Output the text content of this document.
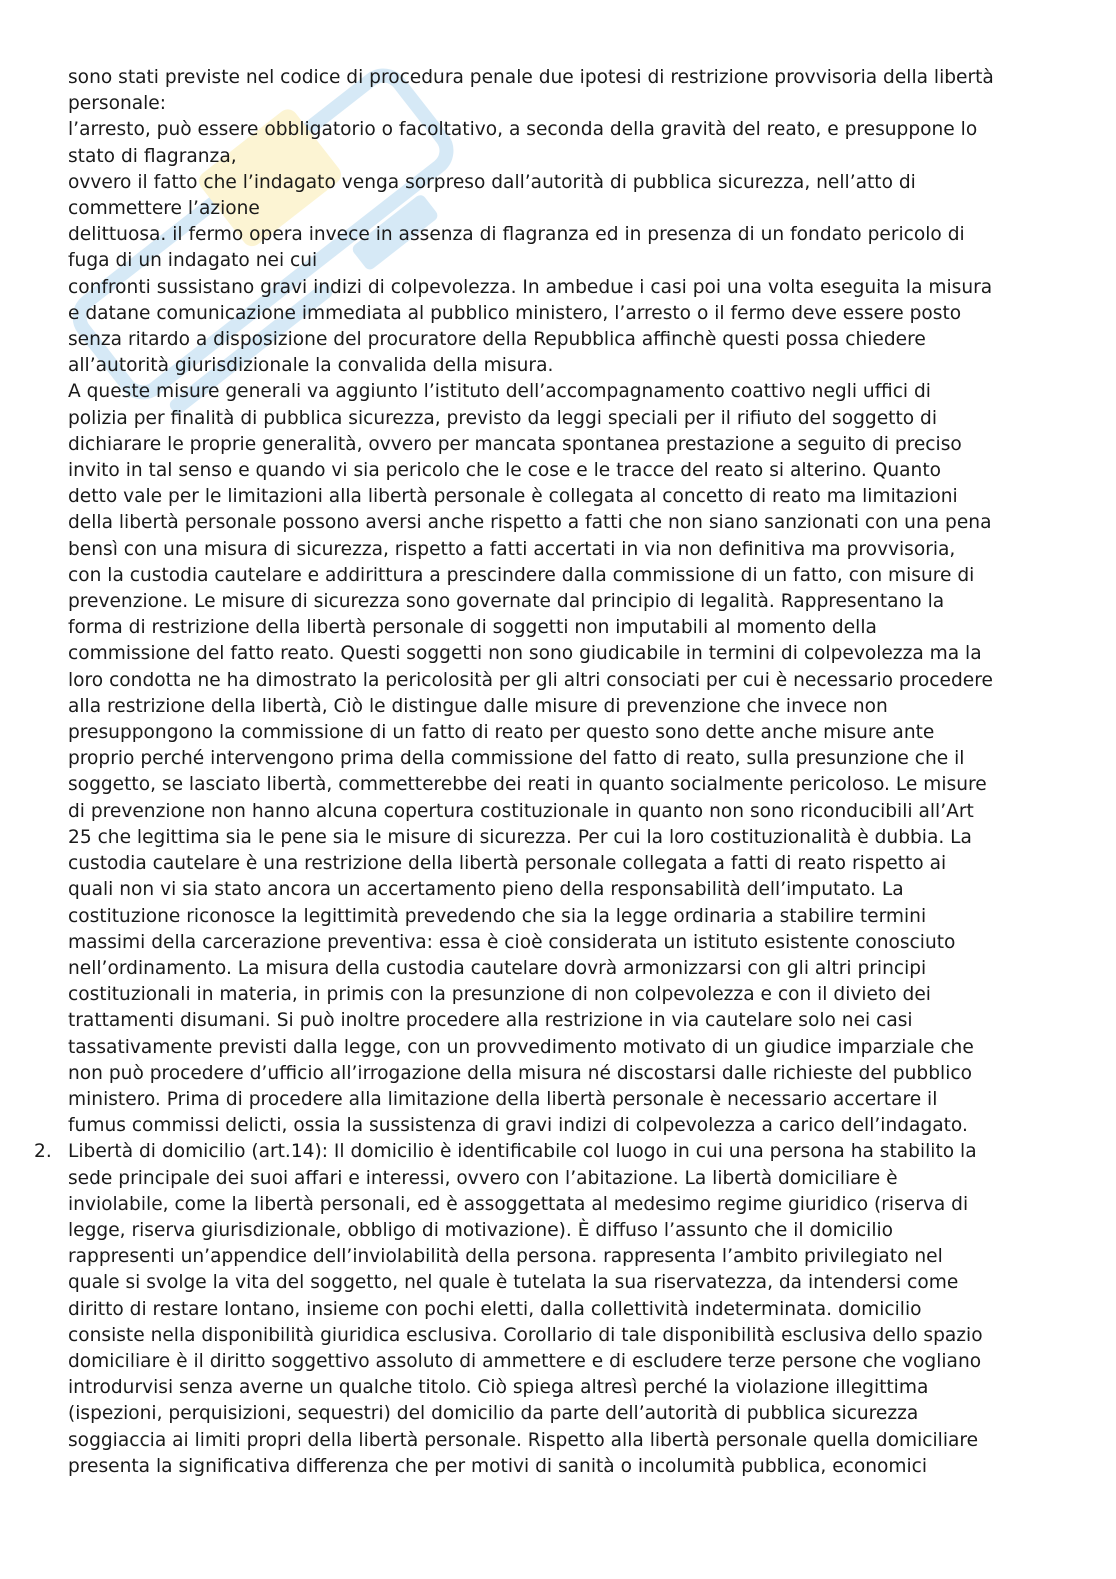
sono stati previste nel codice di procedura penale due ipotesi di restrizione provvisoria della libertà
personale:
l’arresto, può essere obbligatorio o facoltativo, a seconda della gravità del reato, e presuppone lo
stato di flagranza,
ovvero il fatto che l’indagato venga sorpreso dall’autorità di pubblica sicurezza, nell’atto di
commettere l’azione
delittuosa. il fermo opera invece in assenza di flagranza ed in presenza di un fondato pericolo di
fuga di un indagato nei cui
confronti sussistano gravi indizi di colpevolezza. In ambedue i casi poi una volta eseguita la misura
e datane comunicazione immediata al pubblico ministero, l’arresto o il fermo deve essere posto
senza ritardo a disposizione del procuratore della Repubblica affinchè questi possa chiedere
all’autorità giurisdizionale la convalida della misura.
A queste misure generali va aggiunto l’istituto dell’accompagnamento coattivo negli uffici di
polizia per finalità di pubblica sicurezza, previsto da leggi speciali per il rifiuto del soggetto di
dichiarare le proprie generalità, ovvero per mancata spontanea prestazione a seguito di preciso
invito in tal senso e quando vi sia pericolo che le cose e le tracce del reato si alterino. Quanto
detto vale per le limitazioni alla libertà personale è collegata al concetto di reato ma limitazioni
della libertà personale possono aversi anche rispetto a fatti che non siano sanzionati con una pena
bensì con una misura di sicurezza, rispetto a fatti accertati in via non definitiva ma provvisoria,
con la custodia cautelare e addirittura a prescindere dalla commissione di un fatto, con misure di
prevenzione. Le misure di sicurezza sono governate dal principio di legalità. Rappresentano la
forma di restrizione della libertà personale di soggetti non imputabili al momento della
commissione del fatto reato. Questi soggetti non sono giudicabile in termini di colpevolezza ma la
loro condotta ne ha dimostrato la pericolosità per gli altri consociati per cui è necessario procedere
alla restrizione della libertà, Ciò le distingue dalle misure di prevenzione che invece non
presuppongono la commissione di un fatto di reato per questo sono dette anche misure ante
proprio perché intervengono prima della commissione del fatto di reato, sulla presunzione che il
soggetto, se lasciato libertà, commetterebbe dei reati in quanto socialmente pericoloso. Le misure
di prevenzione non hanno alcuna copertura costituzionale in quanto non sono riconducibili all’Art
25 che legittima sia le pene sia le misure di sicurezza. Per cui la loro costituzionalità è dubbia. La
custodia cautelare è una restrizione della libertà personale collegata a fatti di reato rispetto ai
quali non vi sia stato ancora un accertamento pieno della responsabilità dell’imputato. La
costituzione riconosce la legittimità prevedendo che sia la legge ordinaria a stabilire termini
massimi della carcerazione preventiva: essa è cioè considerata un istituto esistente conosciuto
nell’ordinamento. La misura della custodia cautelare dovrà armonizzarsi con gli altri principi
costituzionali in materia, in primis con la presunzione di non colpevolezza e con il divieto dei
trattamenti disumani. Si può inoltre procedere alla restrizione in via cautelare solo nei casi
tassativamente previsti dalla legge, con un provvedimento motivato di un giudice imparziale che
non può procedere d’ufficio all’irrogazione della misura né discostarsi dalle richieste del pubblico
ministero. Prima di procedere alla limitazione della libertà personale è necessario accertare il
fumus commissi delicti, ossia la sussistenza di gravi indizi di colpevolezza a carico dell’indagato.
2. Libertà di domicilio (art.14): Il domicilio è identificabile col luogo in cui una persona ha stabilito la
sede principale dei suoi affari e interessi, ovvero con l’abitazione. La libertà domiciliare è
inviolabile, come la libertà personali, ed è assoggettata al medesimo regime giuridico (riserva di
legge, riserva giurisdizionale, obbligo di motivazione). È diffuso l’assunto che il domicilio
rappresenti un’appendice dell’inviolabilità della persona. rappresenta l’ambito privilegiato nel
quale si svolge la vita del soggetto, nel quale è tutelata la sua riservatezza, da intendersi come
diritto di restare lontano, insieme con pochi eletti, dalla collettività indeterminata. domicilio
consiste nella disponibilità giuridica esclusiva. Corollario di tale disponibilità esclusiva dello spazio
domiciliare è il diritto soggettivo assoluto di ammettere e di escludere terze persone che vogliano
introdurvisi senza averne un qualche titolo. Ciò spiega altresì perché la violazione illegittima
(ispezioni, perquisizioni, sequestri) del domicilio da parte dell’autorità di pubblica sicurezza
soggiaccia ai limiti propri della libertà personale. Rispetto alla libertà personale quella domiciliare
presenta la significativa differenza che per motivi di sanità o incolumità pubblica, economici
